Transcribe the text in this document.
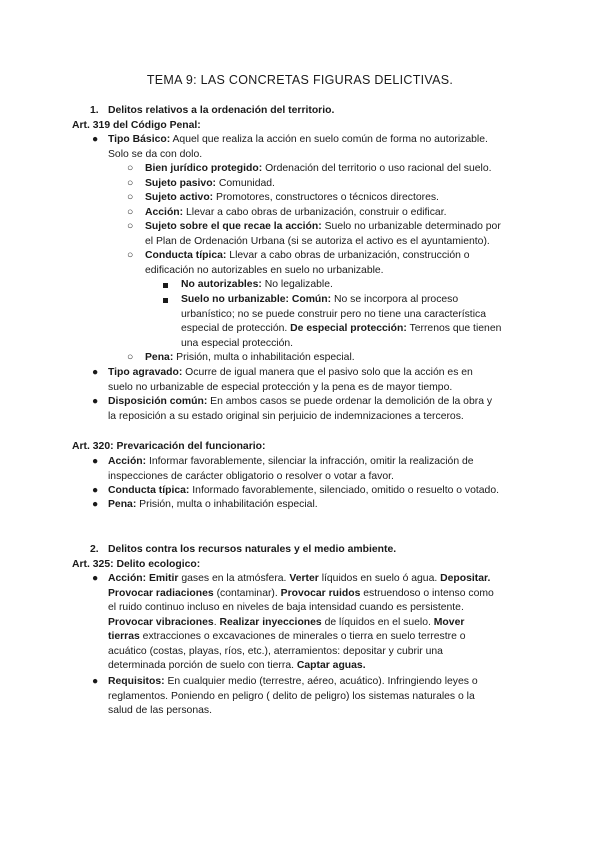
TEMA 9: LAS CONCRETAS FIGURAS DELICTIVAS.
1. Delitos relativos a la ordenación del territorio.
Art. 319 del Código Penal:
● Tipo Básico: Aquel que realiza la acción en suelo común de forma no autorizable.
Solo se da con dolo.
○ Bien jurídico protegido: Ordenación del territorio o uso racional del suelo.
○ Sujeto pasivo: Comunidad.
○ Sujeto activo: Promotores, constructores o técnicos directores.
○ Acción: Llevar a cabo obras de urbanización, construir o edificar.
○ Sujeto sobre el que recae la acción: Suelo no urbanizable determinado por
el Plan de Ordenación Urbana (si se autoriza el activo es el ayuntamiento).
○ Conducta típica: Llevar a cabo obras de urbanización, construcción o
edificación no autorizables en suelo no urbanizable.
No autorizables: No legalizable.
Suelo no urbanizable: Común: No se incorpora al proceso
urbanístico; no se puede construir pero no tiene una característica
especial de protección. De especial protección: Terrenos que tienen
una especial protección.
○ Pena: Prisión, multa o inhabilitación especial.
● Tipo agravado: Ocurre de igual manera que el pasivo solo que la acción es en
suelo no urbanizable de especial protección y la pena es de mayor tiempo.
● Disposición común: En ambos casos se puede ordenar la demolición de la obra y
la reposición a su estado original sin perjuicio de indemnizaciones a terceros.
Art. 320: Prevaricación del funcionario:
● Acción: Informar favorablemente, silenciar la infracción, omitir la realización de
inspecciones de carácter obligatorio o resolver o votar a favor.
● Conducta típica: Informado favorablemente, silenciado, omitido o resuelto o votado.
● Pena: Prisión, multa o inhabilitación especial.
2. Delitos contra los recursos naturales y el medio ambiente.
Art. 325: Delito ecologico:
● Acción: Emitir gases en la atmósfera. Verter líquidos en suelo ó agua. Depositar.
Provocar radiaciones (contaminar). Provocar ruidos estruendoso o intenso como
el ruido continuo incluso en niveles de baja intensidad cuando es persistente.
Provocar vibraciones. Realizar inyecciones de líquidos en el suelo. Mover
tierras extracciones o excavaciones de minerales o tierra en suelo terrestre o
acuático (costas, playas, ríos, etc.), aterramientos: depositar y cubrir una
determinada porción de suelo con tierra. Captar aguas.
● Requisitos: En cualquier medio (terrestre, aéreo, acuático). Infringiendo leyes o
reglamentos. Poniendo en peligro ( delito de peligro) los sistemas naturales o la
salud de las personas.
